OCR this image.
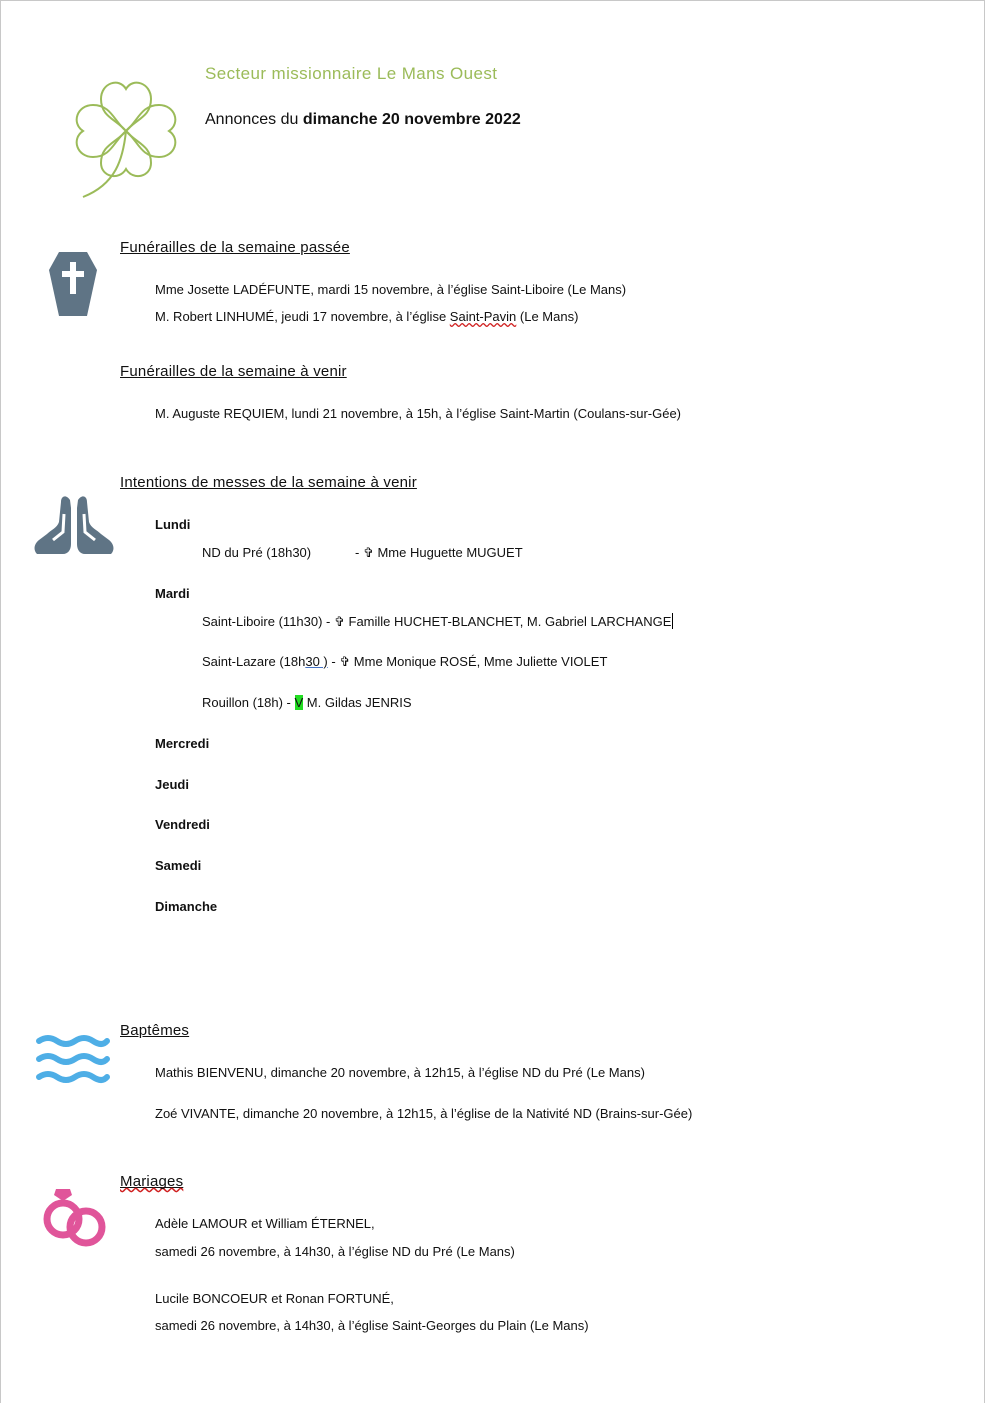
Secteur missionnaire Le Mans Ouest
Annonces du dimanche 20 novembre 2022
Funérailles de la semaine passée
Mme Josette LADÉFUNTE, mardi 15 novembre, à l’église Saint-Liboire (Le Mans)
M. Robert LINHUMÉ, jeudi 17 novembre, à l’église Saint-Pavin (Le Mans)
Funérailles de la semaine à venir
M. Auguste REQUIEM, lundi 21 novembre, à 15h, à l’église Saint-Martin (Coulans-sur-Gée)
Intentions de messes de la semaine à venir
Lundi
ND du Pré (18h30)	- ✞ Mme Huguette MUGUET
Mardi
Saint-Liboire (11h30) - ✞ Famille HUCHET-BLANCHET, M. Gabriel LARCHANGE
Saint-Lazare (18h30 ) - ✞ Mme Monique ROSÉ, Mme Juliette VIOLET
Rouillon (18h) - V M. Gildas JENRIS
Mercredi
Jeudi
Vendredi
Samedi
Dimanche
Baptêmes
Mathis BIENVENU, dimanche 20 novembre, à 12h15, à l’église ND du Pré (Le Mans)
Zoé VIVANTE, dimanche 20 novembre, à 12h15, à l’église de la Nativité ND (Brains-sur-Gée)
Mariages
Adèle LAMOUR et William ÉTERNEL,
samedi 26 novembre, à 14h30, à l’église ND du Pré (Le Mans)
Lucile BONCOEUR et Ronan FORTUNÉ,
samedi 26 novembre, à 14h30, à l’église Saint-Georges du Plain (Le Mans)
